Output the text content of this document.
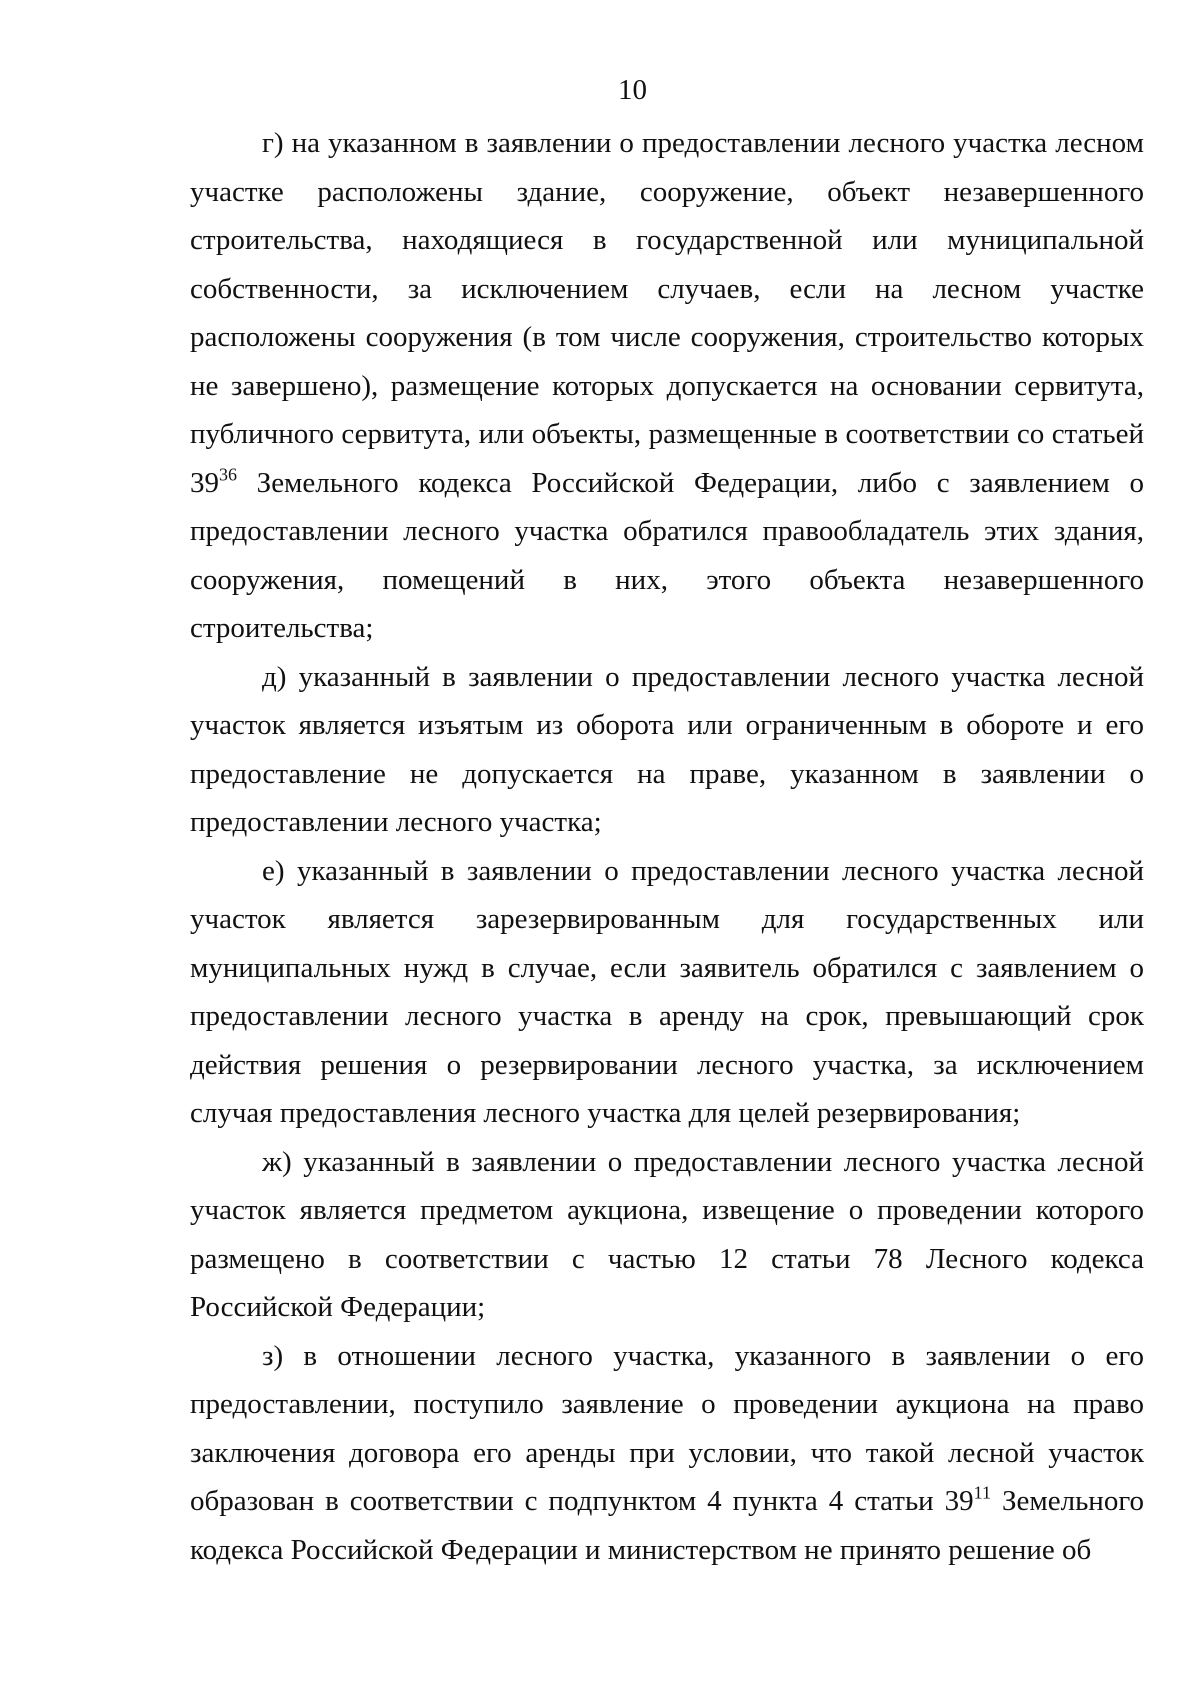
10

г) на указанном в заявлении о предоставлении лесного участка лесном участке расположены здание, сооружение, объект незавершенного строительства, находящиеся в государственной или муниципальной собственности, за исключением случаев, если на лесном участке расположены сооружения (в том числе сооружения, строительство которых не завершено), размещение которых допускается на основании сервитута, публичного сервитута, или объекты, размещенные в соответствии со статьей $39^{36}$ Земельного кодекса Российской Федерации, либо с заявлением о предоставлении лесного участка обратился правообладатель этих здания, сооружения, помещений в них, этого объекта незавершенного строительства;

д) указанный в заявлении о предоставлении лесного участка лесной участок является изъятым из оборота или ограниченным в обороте и его предоставление не допускается на праве, указанном в заявлении о предоставлении лесного участка;

е) указанный в заявлении о предоставлении лесного участка лесной участок является зарезервированным для государственных или муниципальных нужд в случае, если заявитель обратился с заявлением о предоставлении лесного участка в аренду на срок, превышающий срок действия решения о резервировании лесного участка, за исключением случая предоставления лесного участка для целей резервирования;

ж) указанный в заявлении о предоставлении лесного участка лесной участок является предметом аукциона, извещение о проведении которого размещено в соответствии с частью 12 статьи 78 Лесного кодекса Российской Федерации;

з) в отношении лесного участка, указанного в заявлении о его предоставлении, поступило заявление о проведении аукциона на право заключения договора его аренды при условии, что такой лесной участок образован в соответствии с подпунктом 4 пункта 4 статьи $39^{11}$ Земельного кодекса Российской Федерации и министерством не принято решение об
